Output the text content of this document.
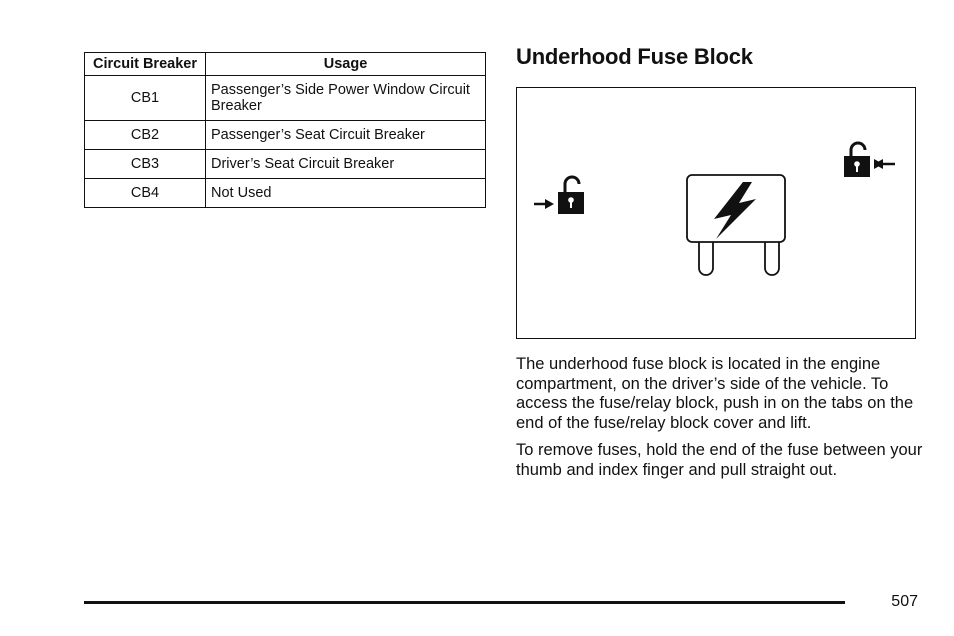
Circuit Breaker	Usage
CB1	Passenger’s Side Power Window Circuit Breaker
CB2	Passenger’s Seat Circuit Breaker
CB3	Driver’s Seat Circuit Breaker
CB4	Not Used
Underhood Fuse Block

The underhood fuse block is located in the engine compartment, on the driver’s side of the vehicle. To access the fuse/relay block, push in on the tabs on the end of the fuse/relay block cover and lift.

To remove fuses, hold the end of the fuse between your thumb and index finger and pull straight out.

507
